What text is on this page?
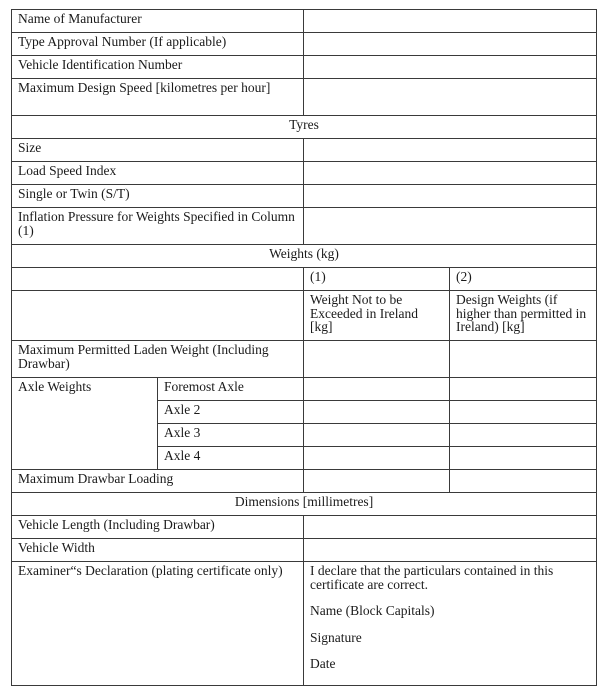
Name of Manufacturer			
Type Approval Number (If applicable)			
Vehicle Identification Number			
Maximum Design Speed [kilometres per hour]			
Tyres			
Size			
Load Speed Index			
Single or Twin (S/T)			
Inflation Pressure for Weights Specified in Column (1)			
Weights (kg)			
		(1)	(2)
		Weight Not to be Exceeded in Ireland [kg]	Design Weights (if higher than permitted in Ireland) [kg]
Maximum Permitted Laden Weight (Including Drawbar)			
Axle Weights	Foremost Axle		
	Axle 2		
	Axle 3		
	Axle 4		
Maximum Drawbar Loading			
Dimensions [millimetres]			
Vehicle Length (Including Drawbar)			
Vehicle Width			
Examiner“s Declaration (plating certificate only)		I declare that the particulars contained in this certificate are correct.

Name (Block Capitals)

Signature

Date	
